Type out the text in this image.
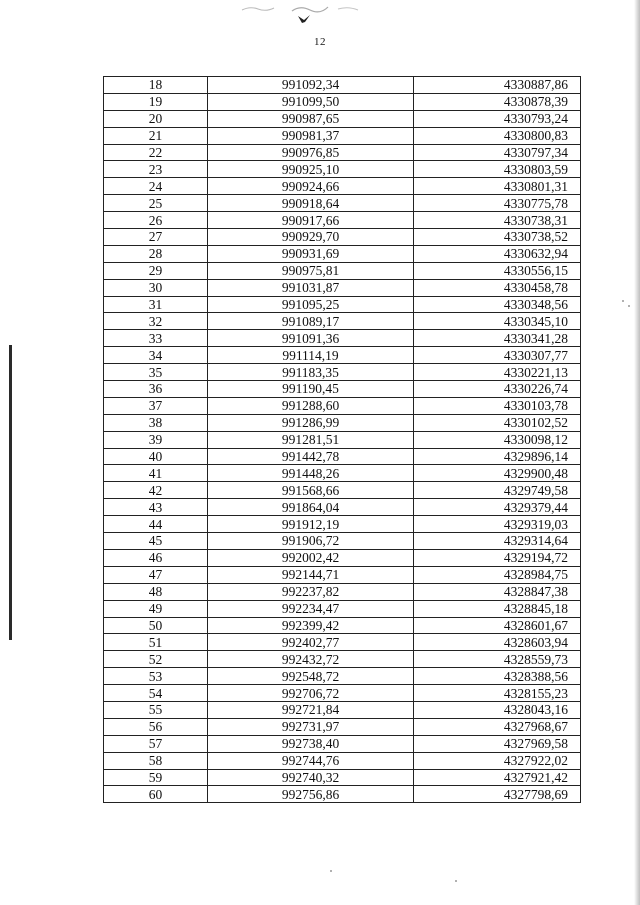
12
18	991092,34	4330887,86
19	991099,50	4330878,39
20	990987,65	4330793,24
21	990981,37	4330800,83
22	990976,85	4330797,34
23	990925,10	4330803,59
24	990924,66	4330801,31
25	990918,64	4330775,78
26	990917,66	4330738,31
27	990929,70	4330738,52
28	990931,69	4330632,94
29	990975,81	4330556,15
30	991031,87	4330458,78
31	991095,25	4330348,56
32	991089,17	4330345,10
33	991091,36	4330341,28
34	991114,19	4330307,77
35	991183,35	4330221,13
36	991190,45	4330226,74
37	991288,60	4330103,78
38	991286,99	4330102,52
39	991281,51	4330098,12
40	991442,78	4329896,14
41	991448,26	4329900,48
42	991568,66	4329749,58
43	991864,04	4329379,44
44	991912,19	4329319,03
45	991906,72	4329314,64
46	992002,42	4329194,72
47	992144,71	4328984,75
48	992237,82	4328847,38
49	992234,47	4328845,18
50	992399,42	4328601,67
51	992402,77	4328603,94
52	992432,72	4328559,73
53	992548,72	4328388,56
54	992706,72	4328155,23
55	992721,84	4328043,16
56	992731,97	4327968,67
57	992738,40	4327969,58
58	992744,76	4327922,02
59	992740,32	4327921,42
60	992756,86	4327798,69
